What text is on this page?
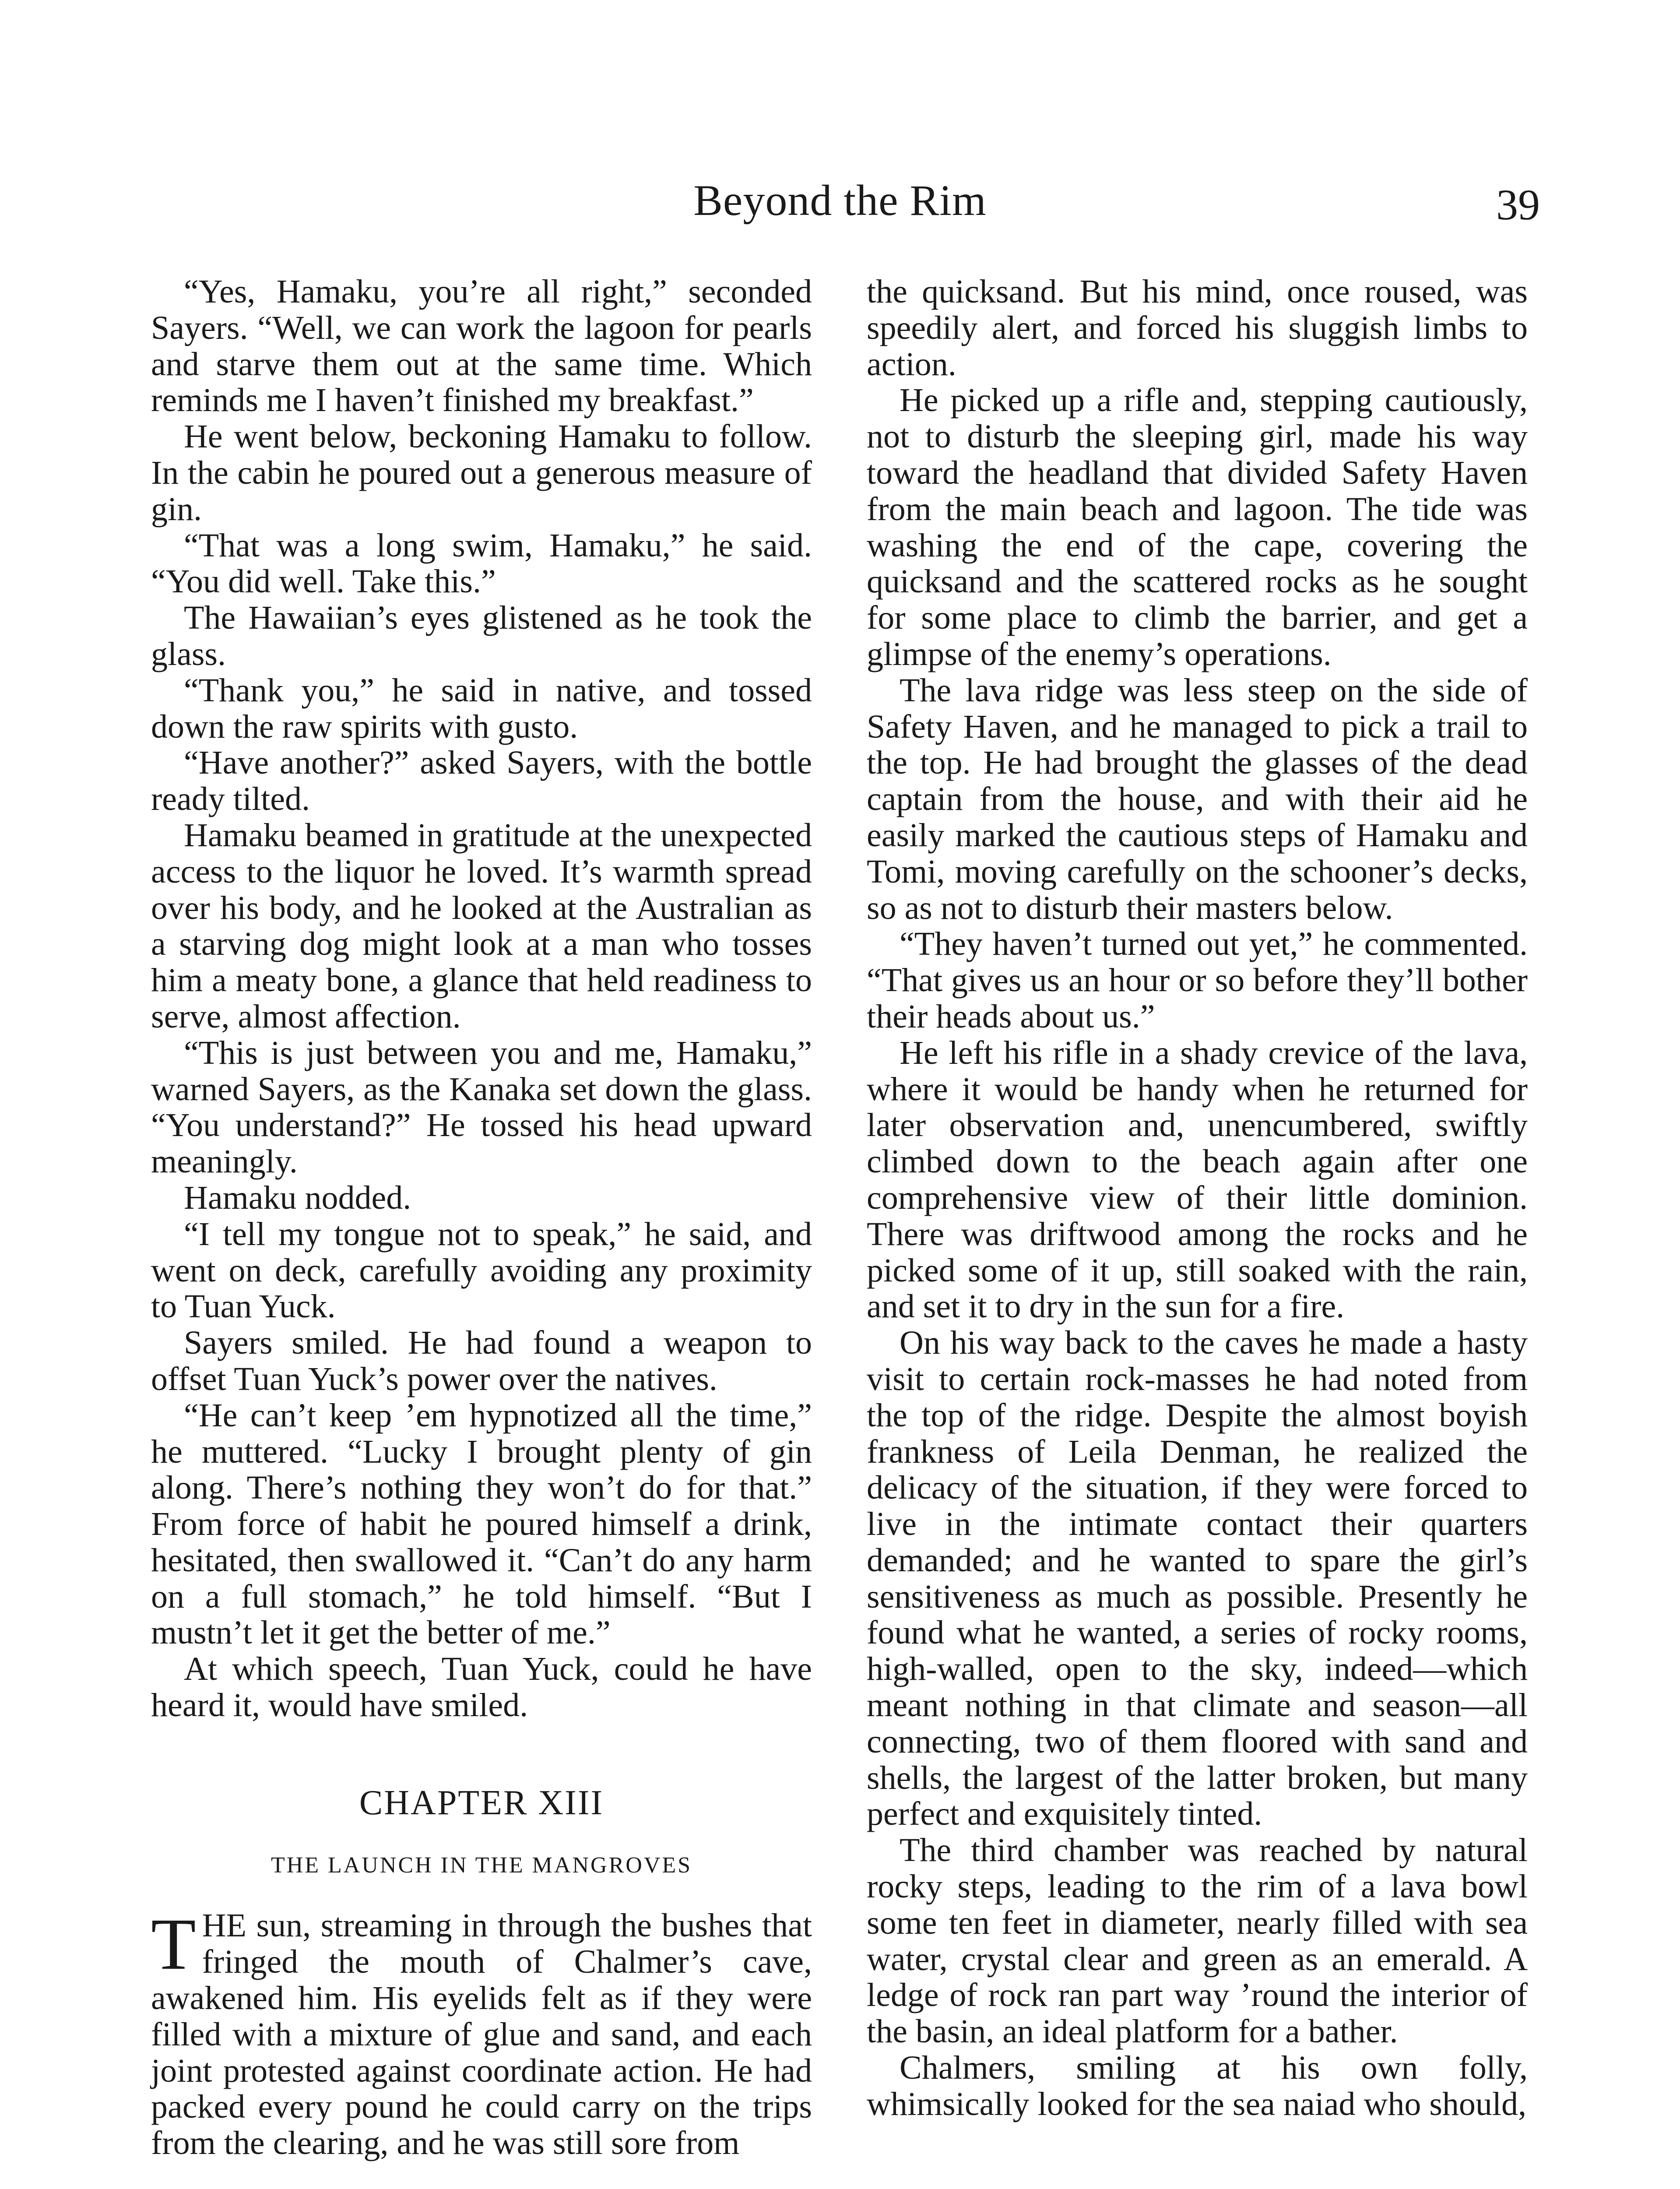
Beyond the Rim	39

“Yes, Hamaku, you’re all right,” seconded Sayers. “Well, we can work the lagoon for pearls and starve them out at the same time. Which reminds me I haven’t finished my breakfast.”

He went below, beckoning Hamaku to follow. In the cabin he poured out a generous measure of gin.

“That was a long swim, Hamaku,” he said. “You did well. Take this.”

The Hawaiian’s eyes glistened as he took the glass.

“Thank you,” he said in native, and tossed down the raw spirits with gusto.

“Have another?” asked Sayers, with the bottle ready tilted.

Hamaku beamed in gratitude at the unexpected access to the liquor he loved. It’s warmth spread over his body, and he looked at the Australian as a starving dog might look at a man who tosses him a meaty bone, a glance that held readiness to serve, almost affection.

“This is just between you and me, Hamaku,” warned Sayers, as the Kanaka set down the glass. “You understand?” He tossed his head upward meaningly.

Hamaku nodded.

“I tell my tongue not to speak,” he said, and went on deck, carefully avoiding any proximity to Tuan Yuck.

Sayers smiled. He had found a weapon to offset Tuan Yuck’s power over the natives.

“He can’t keep ’em hypnotized all the time,” he muttered. “Lucky I brought plenty of gin along. There’s nothing they won’t do for that.” From force of habit he poured himself a drink, hesitated, then swallowed it. “Can’t do any harm on a full stomach,” he told himself. “But I mustn’t let it get the better of me.”

At which speech, Tuan Yuck, could he have heard it, would have smiled.

CHAPTER XIII
THE LAUNCH IN THE MANGROVES

THE sun, streaming in through the bushes that fringed the mouth of Chalmer’s cave, awakened him. His eyelids felt as if they were filled with a mixture of glue and sand, and each joint protested against coordinate action. He had packed every pound he could carry on the trips from the clearing, and he was still sore from

the quicksand. But his mind, once roused, was speedily alert, and forced his sluggish limbs to action.

He picked up a rifle and, stepping cautiously, not to disturb the sleeping girl, made his way toward the headland that divided Safety Haven from the main beach and lagoon. The tide was washing the end of the cape, covering the quicksand and the scattered rocks as he sought for some place to climb the barrier, and get a glimpse of the enemy’s operations.

The lava ridge was less steep on the side of Safety Haven, and he managed to pick a trail to the top. He had brought the glasses of the dead captain from the house, and with their aid he easily marked the cautious steps of Hamaku and Tomi, moving carefully on the schooner’s decks, so as not to disturb their masters below.

“They haven’t turned out yet,” he commented. “That gives us an hour or so before they’ll bother their heads about us.”

He left his rifle in a shady crevice of the lava, where it would be handy when he returned for later observation and, unencumbered, swiftly climbed down to the beach again after one comprehensive view of their little dominion. There was driftwood among the rocks and he picked some of it up, still soaked with the rain, and set it to dry in the sun for a fire.

On his way back to the caves he made a hasty visit to certain rock-masses he had noted from the top of the ridge. Despite the almost boyish frankness of Leila Denman, he realized the delicacy of the situation, if they were forced to live in the intimate contact their quarters demanded; and he wanted to spare the girl’s sensitiveness as much as possible. Presently he found what he wanted, a series of rocky rooms, high-walled, open to the sky, indeed—which meant nothing in that climate and season—all connecting, two of them floored with sand and shells, the largest of the latter broken, but many perfect and exquisitely tinted.

The third chamber was reached by natural rocky steps, leading to the rim of a lava bowl some ten feet in diameter, nearly filled with sea water, crystal clear and green as an emerald. A ledge of rock ran part way ’round the interior of the basin, an ideal platform for a bather.

Chalmers, smiling at his own folly, whimsically looked for the sea naiad who should,
